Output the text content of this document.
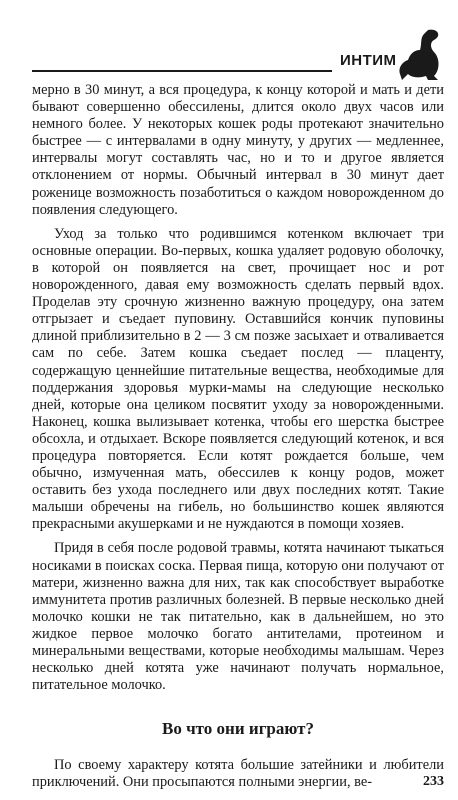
ИНТИМ

мерно в 30 минут, а вся процедура, к концу которой и мать и дети бывают совершенно обессилены, длится около двух часов или немного более. У некоторых кошек роды протекают значительно быстрее — с интервалами в одну минуту, у других — медленнее, интервалы могут составлять час, но и то и другое является отклонением от нормы. Обычный интервал в 30 минут дает роженице возможность позаботиться о каждом новорожденном до появления следующего.

Уход за только что родившимся котенком включает три основные операции. Во-первых, кошка удаляет родовую оболочку, в которой он появляется на свет, прочищает нос и рот новорожденного, давая ему возможность сделать первый вдох. Проделав эту срочную жизненно важную процедуру, она затем отгрызает и съедает пуповину. Оставшийся кончик пуповины длиной приблизительно в 2 — 3 см позже засыхает и отваливается сам по себе. Затем кошка съедает послед — плаценту, содержащую ценнейшие питательные вещества, необходимые для поддержания здоровья мурки-мамы на следующие несколько дней, которые она целиком посвятит уходу за новорожденными. Наконец, кошка вылизывает котенка, чтобы его шерстка быстрее обсохла, и отдыхает. Вскоре появляется следующий котенок, и вся процедура повторяется. Если котят рождается больше, чем обычно, измученная мать, обессилев к концу родов, может оставить без ухода последнего или двух последних котят. Такие малыши обречены на гибель, но большинство кошек являются прекрасными акушерками и не нуждаются в помощи хозяев.

Придя в себя после родовой травмы, котята начинают тыкаться носиками в поисках соска. Первая пища, которую они получают от матери, жизненно важна для них, так как способствует выработке иммунитета против различных болезней. В первые несколько дней молочко кошки не так питательно, как в дальнейшем, но это жидкое первое молочко богато антителами, протеином и минеральными веществами, которые необходимы малышам. Через несколько дней котята уже начинают получать нормальное, питательное молочко.

Во что они играют?

По своему характеру котята большие затейники и любители приключений. Они просыпаются полными энергии, ве-	233
